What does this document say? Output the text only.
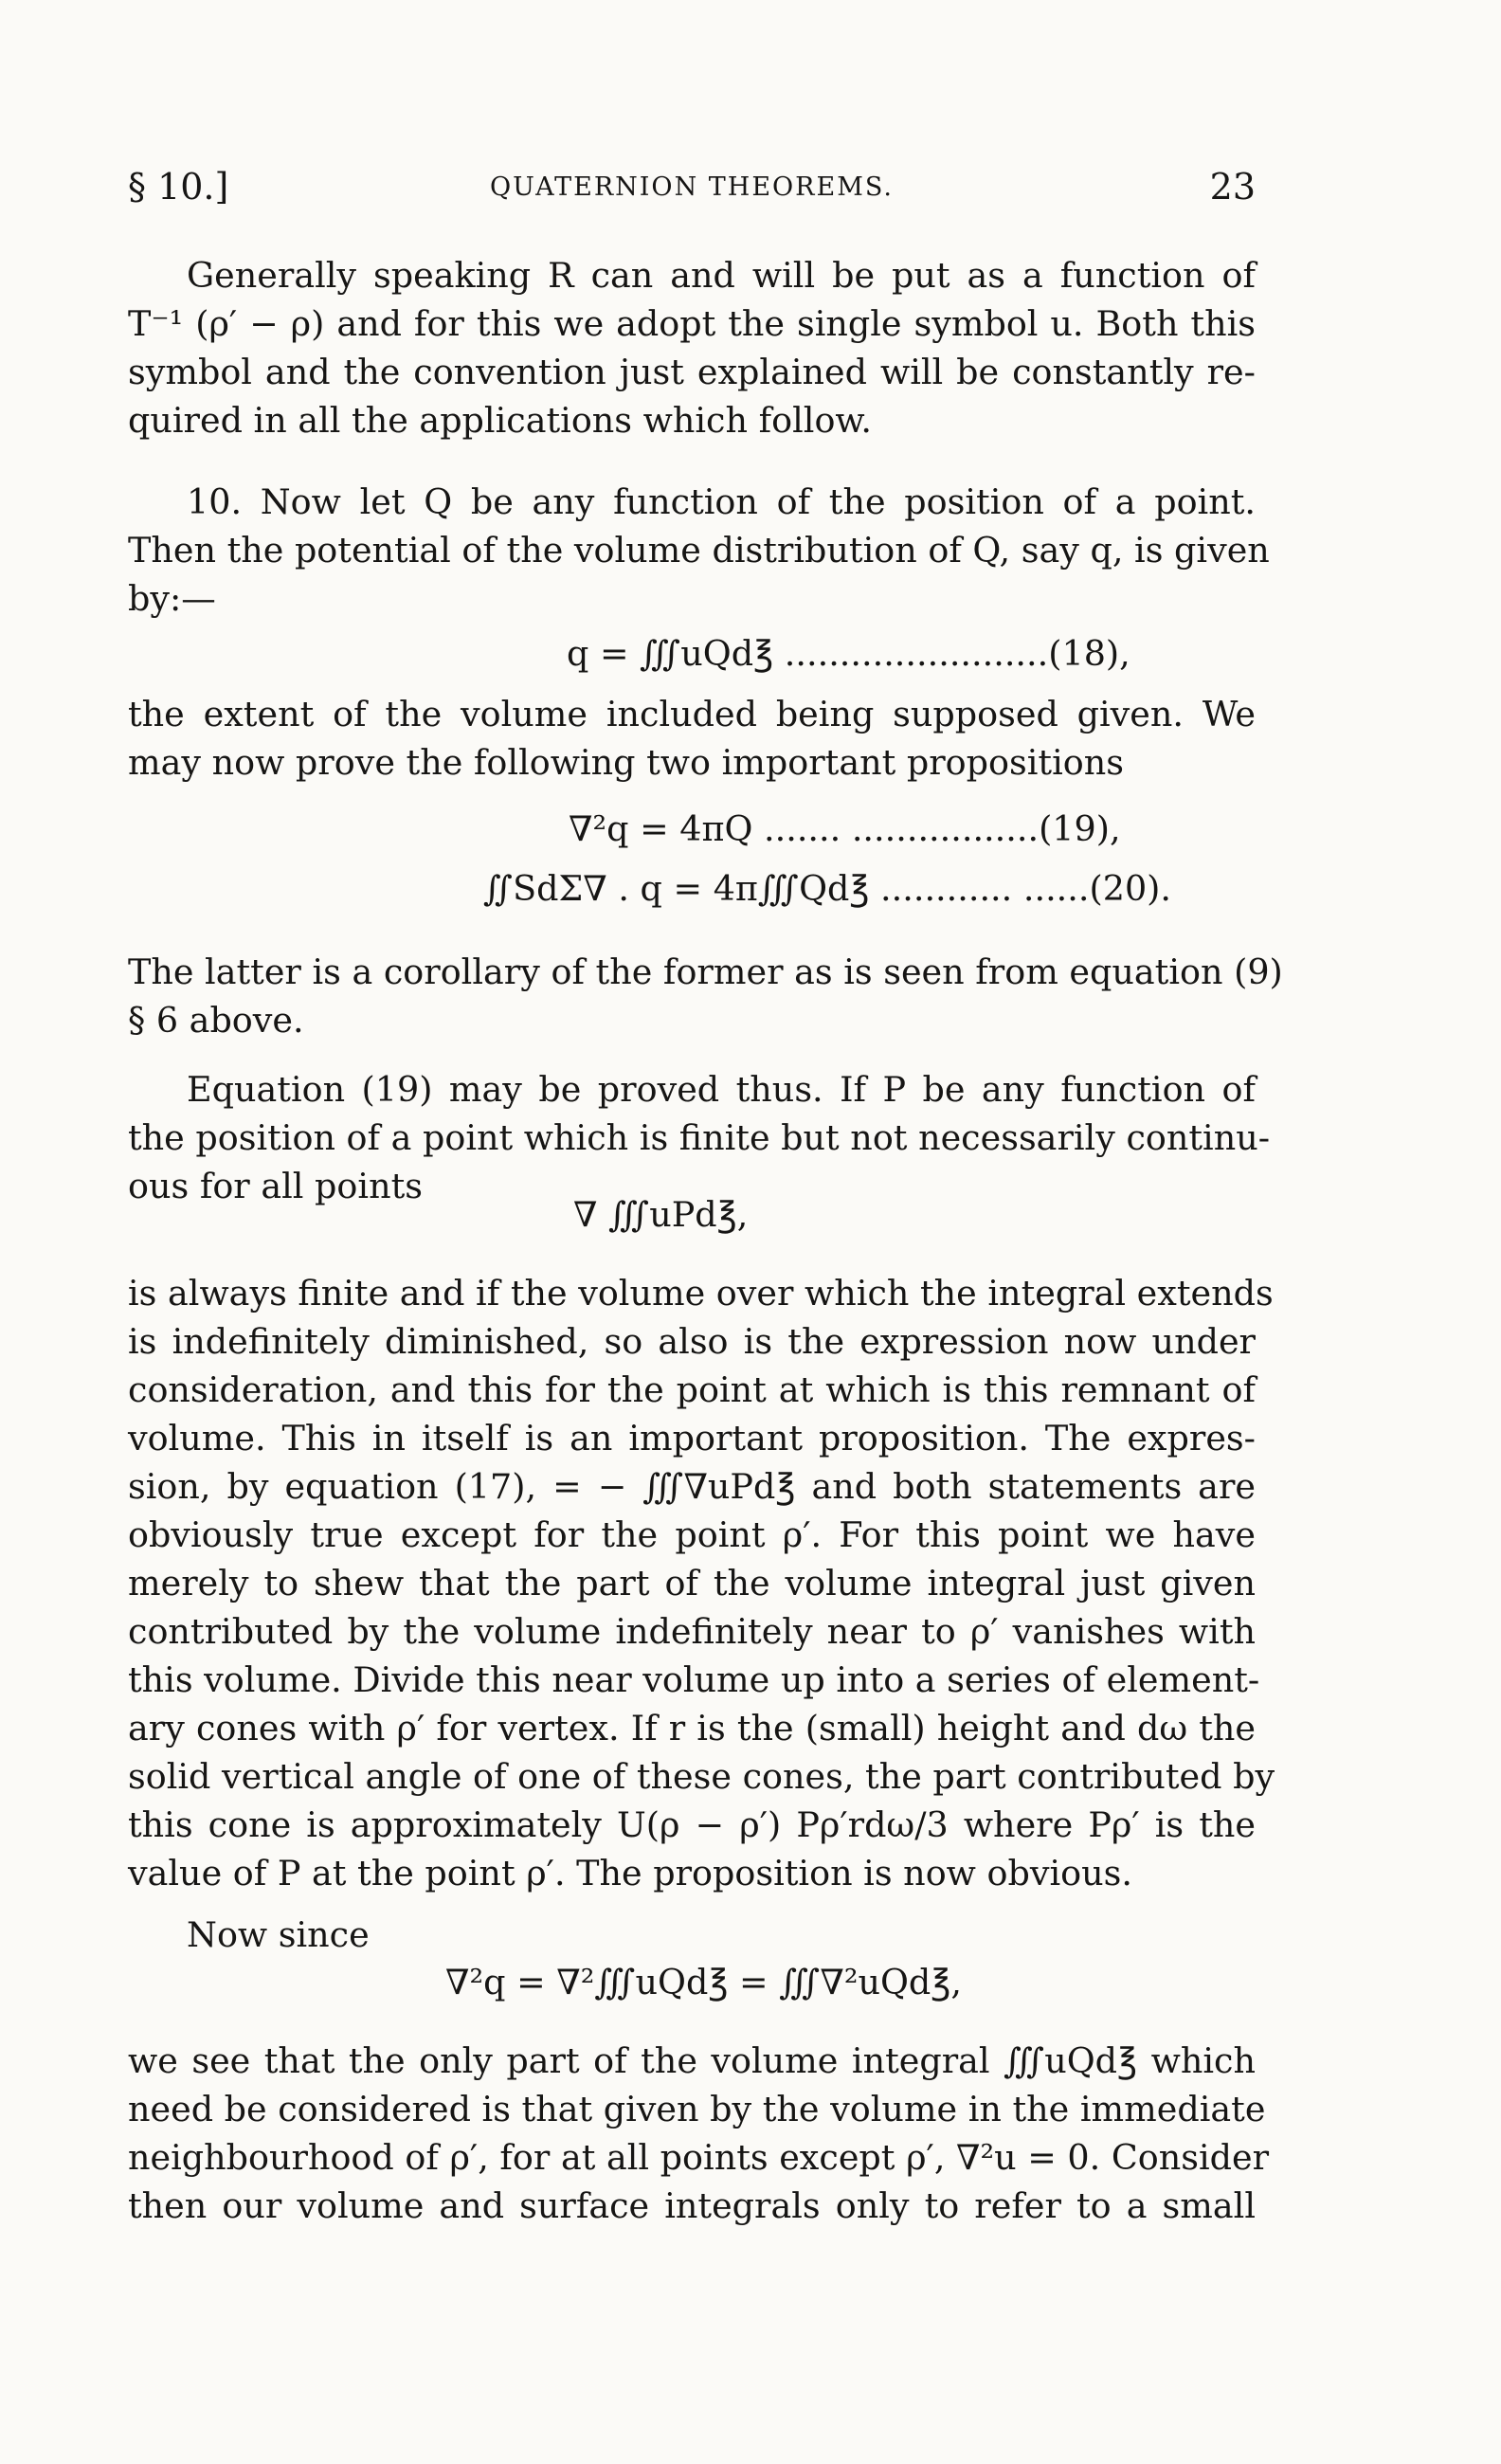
§ 10.]	QUATERNION THEOREMS.	23
Generally speaking R can and will be put as a function of
T⁻¹ (ρ′ − ρ) and for this we adopt the single symbol u. Both this
symbol and the convention just explained will be constantly re-
quired in all the applications which follow.
10. Now let Q be any function of the position of a point.
Then the potential of the volume distribution of Q, say q, is given
by:—
q = ∭uQd℥ ........................(18),
the extent of the volume included being supposed given. We
may now prove the following two important propositions
∇²q = 4πQ ....... .................(19),
∬SdΣ∇ . q = 4π∭Qd℥ ............ ......(20).
The latter is a corollary of the former as is seen from equation (9)
§ 6 above.
Equation (19) may be proved thus. If P be any function of
the position of a point which is finite but not necessarily continu-
ous for all points
∇ ∭uPd℥,
is always finite and if the volume over which the integral extends
is indefinitely diminished, so also is the expression now under
consideration, and this for the point at which is this remnant of
volume. This in itself is an important proposition. The expres-
sion, by equation (17), = − ∭∇uPd℥ and both statements are
obviously true except for the point ρ′. For this point we have
merely to shew that the part of the volume integral just given
contributed by the volume indefinitely near to ρ′ vanishes with
this volume. Divide this near volume up into a series of element-
ary cones with ρ′ for vertex. If r is the (small) height and dω the
solid vertical angle of one of these cones, the part contributed by
this cone is approximately U(ρ − ρ′) Pρ′rdω/3 where Pρ′ is the
value of P at the point ρ′. The proposition is now obvious.
Now since
∇²q = ∇²∭uQd℥ = ∭∇²uQd℥,
we see that the only part of the volume integral ∭uQd℥ which
need be considered is that given by the volume in the immediate
neighbourhood of ρ′, for at all points except ρ′, ∇²u = 0. Consider
then our volume and surface integrals only to refer to a small
